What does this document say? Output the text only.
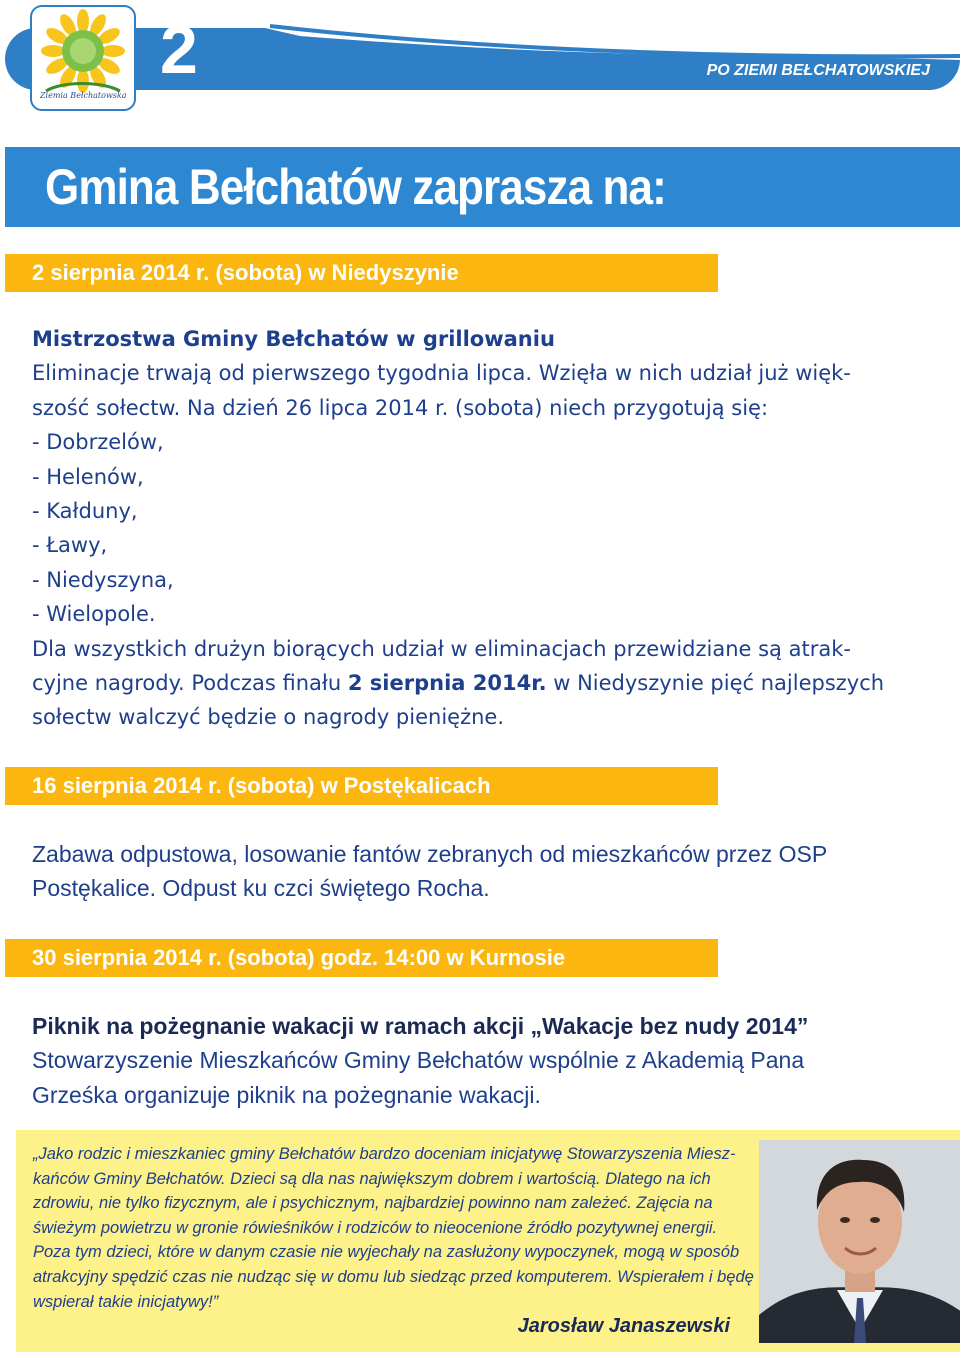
Ziemia Bełchatowska
2	LETNI PRZEWODNIK
PO ZIEMI BEŁCHATOWSKIEJ
Gmina Bełchatów zaprasza na:
2 sierpnia 2014 r. (sobota) w Niedyszynie
Mistrzostwa Gminy Bełchatów w grillowaniu
Eliminacje trwają od pierwszego tygodnia lipca. Wzięła w nich udział już więk-
szość sołectw. Na dzień 26 lipca 2014 r. (sobota) niech przygotują się:
- Dobrzelów,
- Helenów,
- Kałduny,
- Ławy,
- Niedyszyna,
- Wielopole.
Dla wszystkich drużyn biorących udział w eliminacjach przewidziane są atrak-
cyjne nagrody. Podczas finału 2 sierpnia 2014r. w Niedyszynie pięć najlepszych
sołectw walczyć będzie o nagrody pieniężne.
16 sierpnia 2014 r. (sobota) w Postękalicach
Zabawa odpustowa, losowanie fantów zebranych od mieszkańców przez OSP
Postękalice. Odpust ku czci świętego Rocha.
30 sierpnia 2014 r. (sobota) godz. 14:00 w Kurnosie
Piknik na pożegnanie wakacji w ramach akcji „Wakacje bez nudy 2014”
Stowarzyszenie Mieszkańców Gminy Bełchatów wspólnie z Akademią Pana
Grześka organizuje piknik na pożegnanie wakacji.
„Jako rodzic i mieszkaniec gminy Bełchatów bardzo doceniam inicjatywę Stowarzyszenia Miesz-
kańców Gminy Bełchatów. Dzieci są dla nas największym dobrem i wartością. Dlatego na ich
zdrowiu, nie tylko fizycznym, ale i psychicznym, najbardziej powinno nam zależeć. Zajęcia na
świeżym powietrzu w gronie rówieśników i rodziców to nieocenione źródło pozytywnej energii.
Poza tym dzieci, które w danym czasie nie wyjechały na zasłużony wypoczynek, mogą w sposób
atrakcyjny spędzić czas nie nudząc się w domu lub siedząc przed komputerem. Wspierałem i będę
wspierał takie inicjatywy!”
Jarosław Janaszewski
